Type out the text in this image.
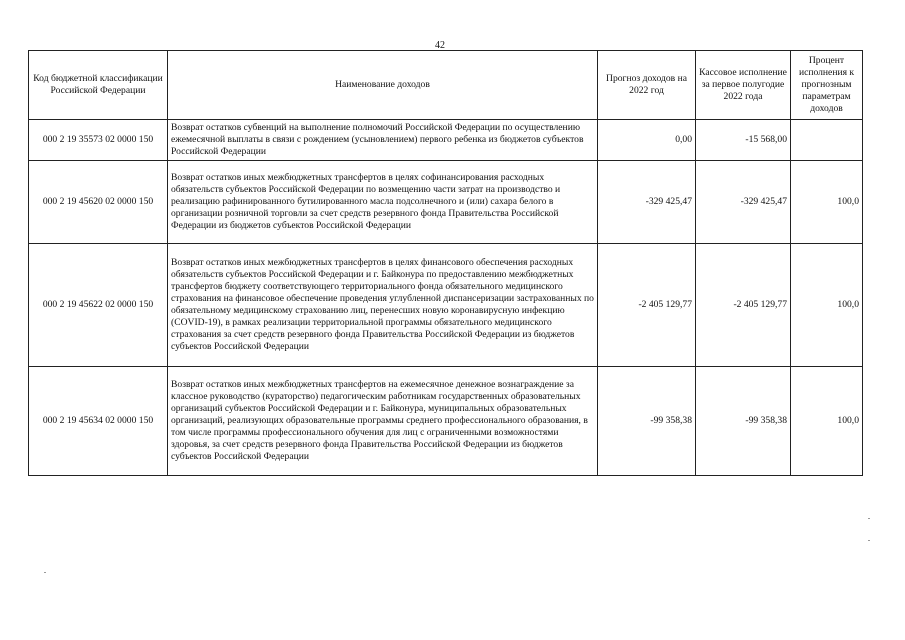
42
Код бюджетной классификации Российской Федерации	Наименование доходов	Прогноз доходов на 2022 год	Кассовое исполнение за первое полугодие 2022 года	Процент исполнения к прогнозным параметрам доходов
000 2 19 35573 02 0000 150	Возврат остатков субвенций на выполнение полномочий Российской Федерации по осуществлению ежемесячной выплаты в связи с рождением (усыновлением) первого ребенка из бюджетов субъектов Российской Федерации	0,00	-15 568,00	
000 2 19 45620 02 0000 150	Возврат остатков иных межбюджетных трансфертов в целях софинансирования расходных обязательств субъектов Российской Федерации по возмещению части затрат на производство и реализацию рафинированного бутилированного масла подсолнечного и (или) сахара белого в организации розничной торговли за счет средств резервного фонда Правительства Российской Федерации из бюджетов субъектов Российской Федерации	-329 425,47	-329 425,47	100,0
000 2 19 45622 02 0000 150	Возврат остатков иных межбюджетных трансфертов в целях финансового обеспечения расходных обязательств субъектов Российской Федерации и г. Байконура по предоставлению межбюджетных трансфертов бюджету соответствующего территориального фонда обязательного медицинского страхования на финансовое обеспечение проведения углубленной диспансеризации застрахованных по обязательному медицинскому страхованию лиц, перенесших новую коронавирусную инфекцию (COVID-19), в рамках реализации территориальной программы обязательного медицинского страхования за счет средств резервного фонда Правительства Российской Федерации из бюджетов субъектов Российской Федерации	-2 405 129,77	-2 405 129,77	100,0
000 2 19 45634 02 0000 150	Возврат остатков иных межбюджетных трансфертов на ежемесячное денежное вознаграждение за классное руководство (кураторство) педагогическим работникам государственных образовательных организаций субъектов Российской Федерации и г. Байконура, муниципальных образовательных организаций, реализующих образовательные программы среднего профессионального образования, в том числе программы профессионального обучения для лиц с ограниченными возможностями здоровья, за счет средств резервного фонда Правительства Российской Федерации из бюджетов субъектов Российской Федерации	-99 358,38	-99 358,38	100,0
